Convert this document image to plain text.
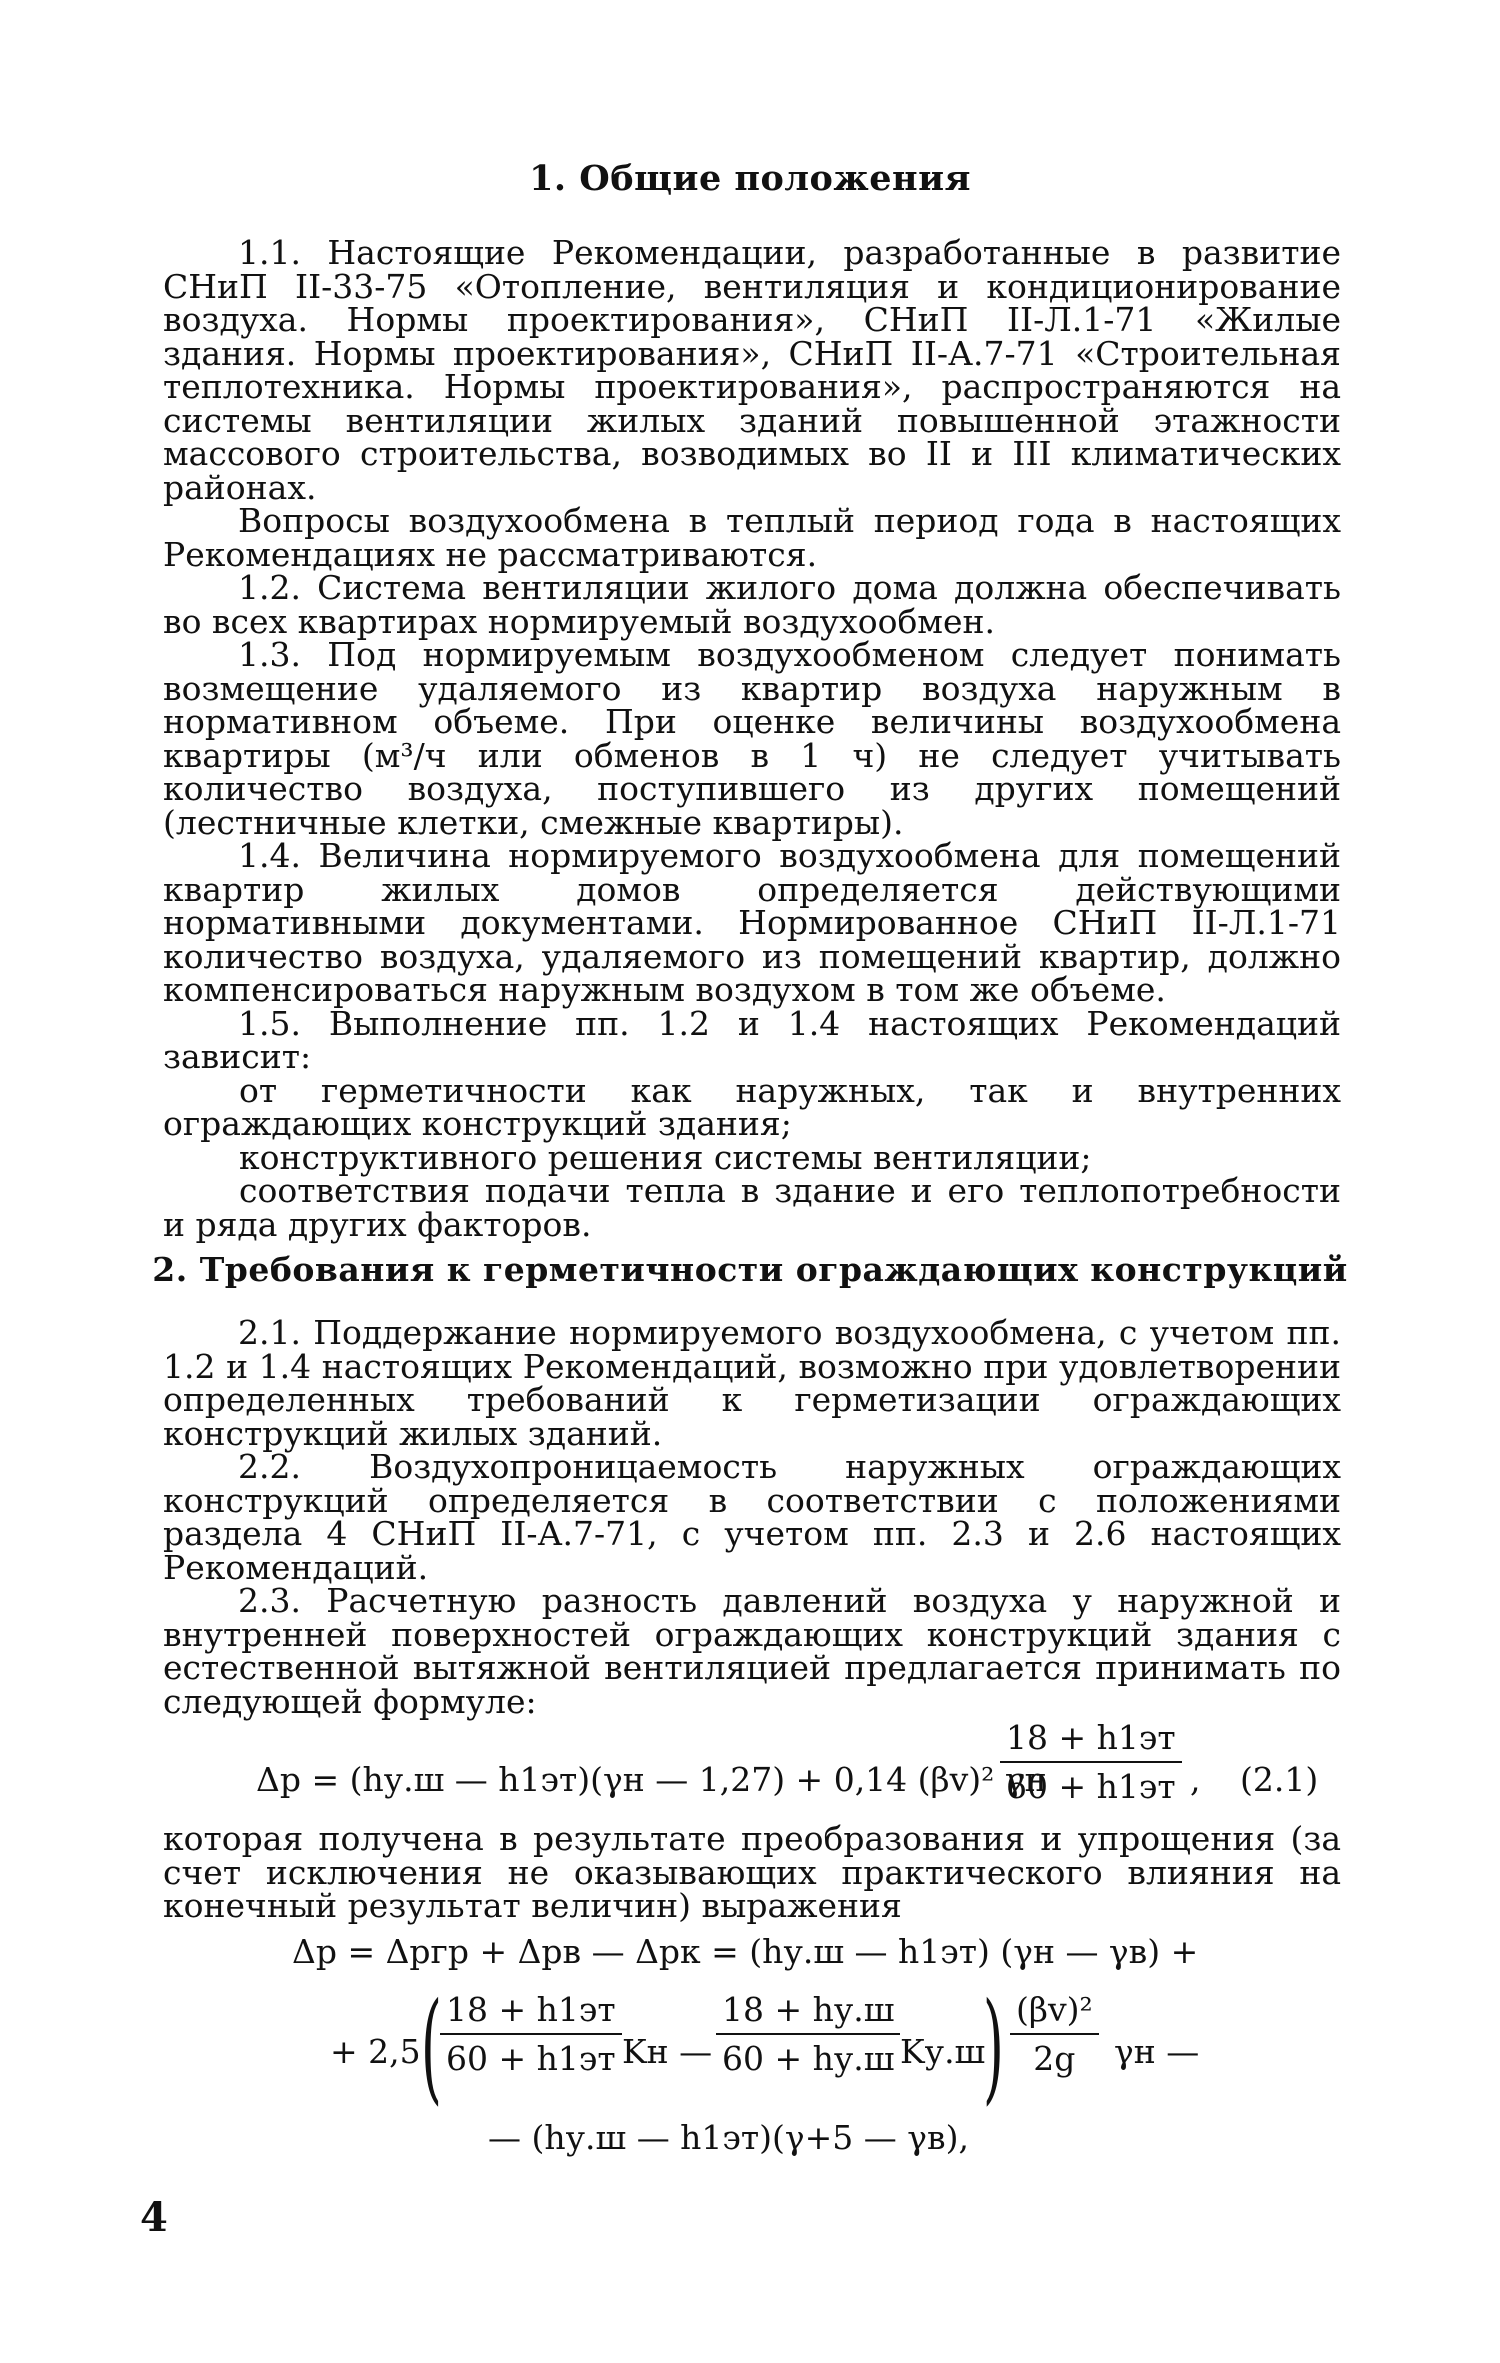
1. Общие положения

1.1. Настоящие Рекомендации, разработанные в развитие СНиП II-33-75 «Отопление, вентиляция и кондиционирование воздуха. Нормы проектирования», СНиП II-Л.1-71 «Жилые здания. Нормы проектирования», СНиП II-А.7-71 «Строительная теплотехника. Нормы проектирования», распространяются на системы вентиляции жилых зданий повышенной этажности массового строительства, возводимых во II и III климатических районах.

Вопросы воздухообмена в теплый период года в настоящих Рекомендациях не рассматриваются.

1.2. Система вентиляции жилого дома должна обеспечивать во всех квартирах нормируемый воздухообмен.

1.3. Под нормируемым воздухообменом следует понимать возмещение удаляемого из квартир воздуха наружным в нормативном объеме. При оценке величины воздухообмена квартиры (м³/ч или обменов в 1 ч) не следует учитывать количество воздуха, поступившего из других помещений (лестничные клетки, смежные квартиры).

1.4. Величина нормируемого воздухообмена для помещений квартир жилых домов определяется действующими нормативными документами. Нормированное СНиП II-Л.1-71 количество воздуха, удаляемого из помещений квартир, должно компенсироваться наружным воздухом в том же объеме.

1.5. Выполнение пп. 1.2 и 1.4 настоящих Рекомендаций зависит:

от герметичности как наружных, так и внутренних ограждающих конструкций здания;

конструктивного решения системы вентиляции;

соответствия подачи тепла в здание и его теплопотребности и ряда других факторов.

2. Требования к герметичности ограждающих конструкций

2.1. Поддержание нормируемого воздухообмена, с учетом пп. 1.2 и 1.4 настоящих Рекомендаций, возможно при удовлетворении определенных требований к герметизации ограждающих конструкций жилых зданий.

2.2. Воздухопроницаемость наружных ограждающих конструкций определяется в соответствии с положениями раздела 4 СНиП II-А.7-71, с учетом пп. 2.3 и 2.6 настоящих Рекомендаций.

2.3. Расчетную разность давлений воздуха у наружной и внутренней поверхностей ограждающих конструкций здания с естественной вытяжной вентиляцией предлагается принимать по следующей формуле:

Δp = (hу.ш — h1эт)(γн — 1,27) + 0,14 (βv)² γн
18 + h1эт
60 + h1эт , (2.1)

которая получена в результате преобразования и упрощения (за счет исключения не оказывающих практического влияния на конечный результат величин) выражения

Δp = Δpгр + Δpв — Δpк = (hу.ш — h1эт) (γн — γв) +
+ 2,5 ( 18 + h1эт
60 + h1эт Kн —
18 + hу.ш
60 + hу.ш Kу.ш
) (βv)²
2g	γн —
— (hу.ш — h1эт)(γ+5 — γв),
4
